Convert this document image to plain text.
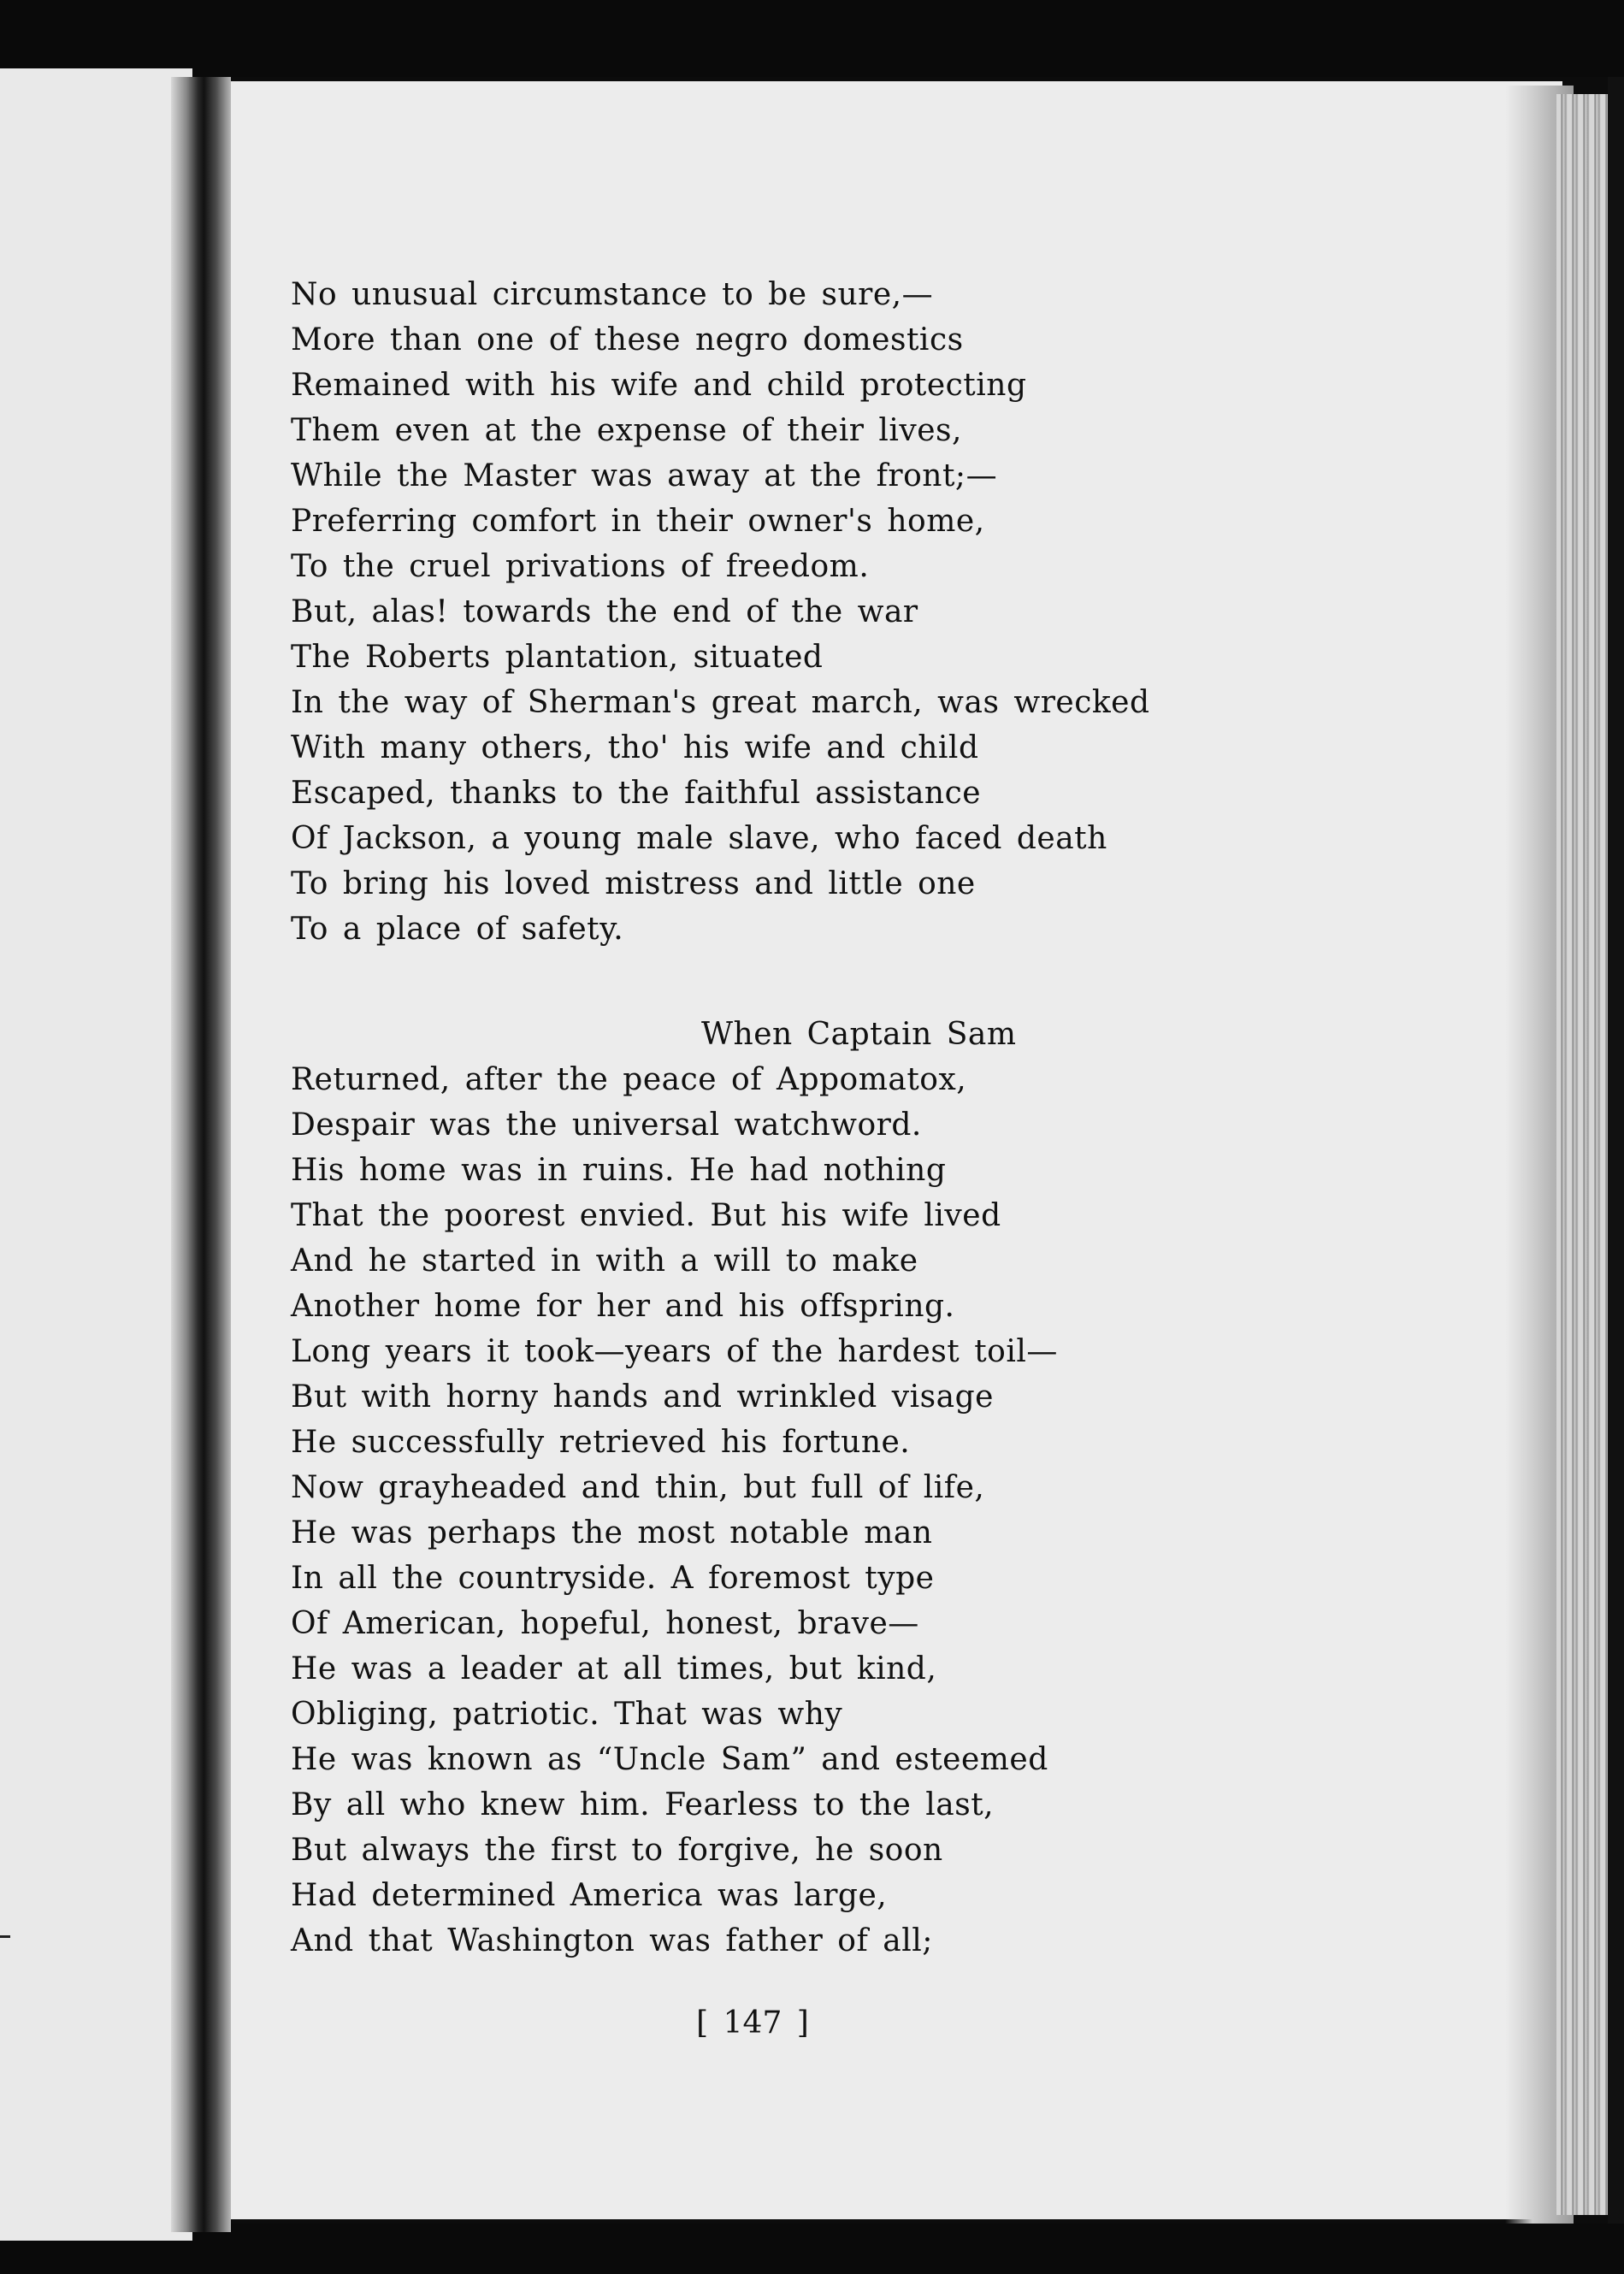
No unusual circumstance to be sure,—
More than one of these negro domestics
Remained with his wife and child protecting
Them even at the expense of their lives,
While the Master was away at the front;—
Preferring comfort in their owner's home,
To the cruel privations of freedom.
But, alas! towards the end of the war
The Roberts plantation, situated
In the way of Sherman's great march, was wrecked
With many others, tho' his wife and child
Escaped, thanks to the faithful assistance
Of Jackson, a young male slave, who faced death
To bring his loved mistress and little one
To a place of safety.
When Captain Sam
Returned, after the peace of Appomatox,
Despair was the universal watchword.
His home was in ruins. He had nothing
That the poorest envied. But his wife lived
And he started in with a will to make
Another home for her and his offspring.
Long years it took—years of the hardest toil—
But with horny hands and wrinkled visage
He successfully retrieved his fortune.
Now grayheaded and thin, but full of life,
He was perhaps the most notable man
In all the countryside. A foremost type
Of American, hopeful, honest, brave—
He was a leader at all times, but kind,
Obliging, patriotic. That was why
He was known as “Uncle Sam” and esteemed
By all who knew him. Fearless to the last,
But always the first to forgive, he soon
Had determined America was large,
And that Washington was father of all;
[ 147 ]
